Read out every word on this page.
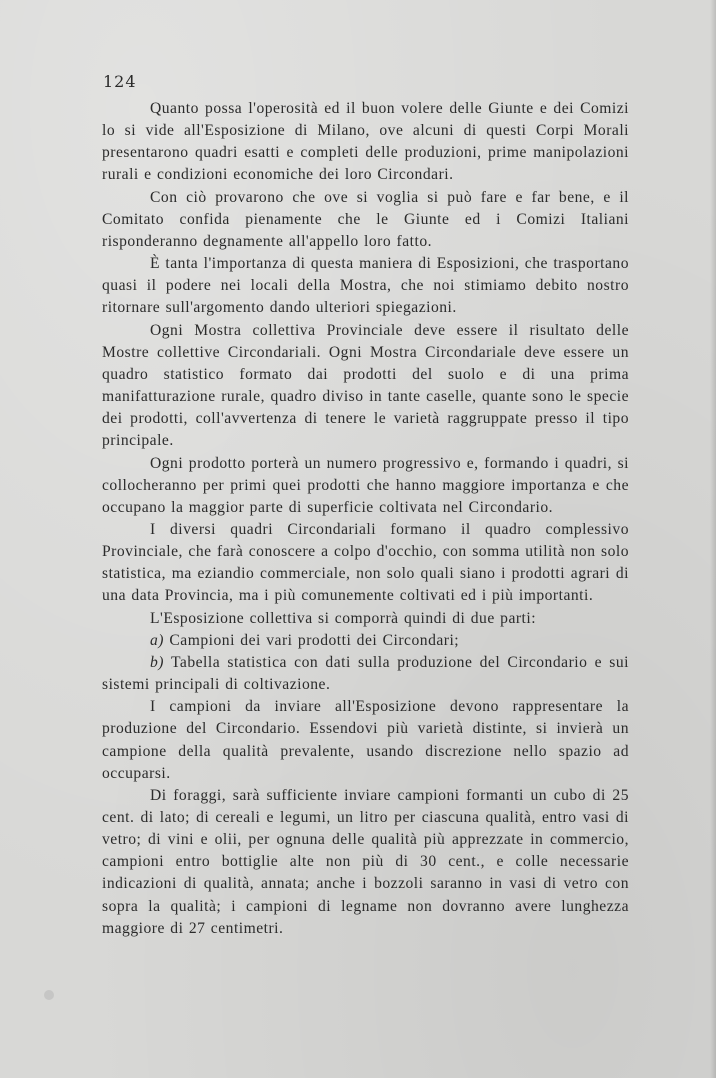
124

Quanto possa l'operosità ed il buon volere delle Giunte e dei Comizi lo si vide all'Esposizione di Milano, ove alcuni di questi Corpi Morali presentarono quadri esatti e completi delle produzioni, prime manipolazioni rurali e condizioni economiche dei loro Circondari.

Con ciò provarono che ove si voglia si può fare e far bene, e il Comitato confida pienamente che le Giunte ed i Comizi Italiani risponderanno degnamente all'appello loro fatto.

È tanta l'importanza di questa maniera di Esposizioni, che trasportano quasi il podere nei locali della Mostra, che noi stimiamo debito nostro ritornare sull'argomento dando ulteriori spiegazioni.

Ogni Mostra collettiva Provinciale deve essere il risultato delle Mostre collettive Circondariali. Ogni Mostra Circondariale deve essere un quadro statistico formato dai prodotti del suolo e di una prima manifatturazione rurale, quadro diviso in tante caselle, quante sono le specie dei prodotti, coll'avvertenza di tenere le varietà raggruppate presso il tipo principale.

Ogni prodotto porterà un numero progressivo e, formando i quadri, si collocheranno per primi quei prodotti che hanno maggiore importanza e che occupano la maggior parte di superficie coltivata nel Circondario.

I diversi quadri Circondariali formano il quadro complessivo Provinciale, che farà conoscere a colpo d'occhio, con somma utilità non solo statistica, ma eziandio commerciale, non solo quali siano i prodotti agrari di una data Provincia, ma i più comunemente coltivati ed i più importanti.

L'Esposizione collettiva si comporrà quindi di due parti:

a) Campioni dei vari prodotti dei Circondari;

b) Tabella statistica con dati sulla produzione del Circondario e sui sistemi principali di coltivazione.

I campioni da inviare all'Esposizione devono rappresentare la produzione del Circondario. Essendovi più varietà distinte, si invierà un campione della qualità prevalente, usando discrezione nello spazio ad occuparsi.

Di foraggi, sarà sufficiente inviare campioni formanti un cubo di 25 cent. di lato; di cereali e legumi, un litro per ciascuna qualità, entro vasi di vetro; di vini e olii, per ognuna delle qualità più apprezzate in commercio, campioni entro bottiglie alte non più di 30 cent., e colle necessarie indicazioni di qualità, annata; anche i bozzoli saranno in vasi di vetro con sopra la qualità; i campioni di legname non dovranno avere lunghezza maggiore di 27 centimetri.
